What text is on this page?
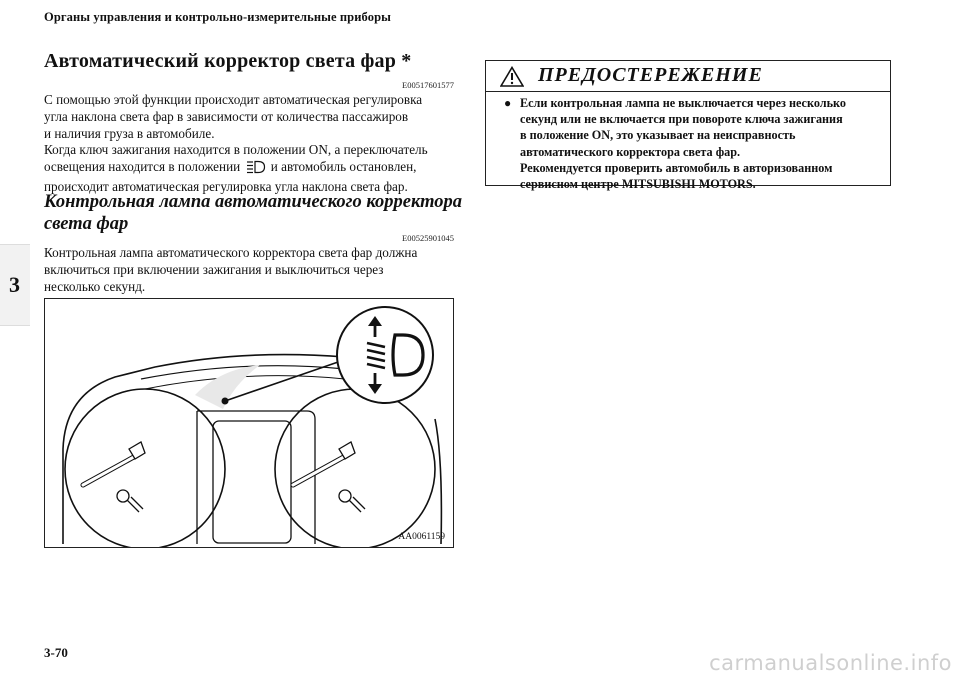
Органы управления и контрольно-измерительные приборы
3
Автоматический корректор света фар *
E00517601577
С помощью этой функции происходит автоматическая регулировка
угла наклона света фар в зависимости от количества пассажиров
и наличия груза в автомобиле.
Когда ключ зажигания находится в положении ON, а переключатель
освещения находится в положении и автомобиль остановлен,
происходит автоматическая регулировка угла наклона света фар.
Контрольная лампа автоматического корректора
света фар
E00525901045
Контрольная лампа автоматического корректора света фар должна
включиться при включении зажигания и выключиться через
несколько секунд.
AA0061159
ПРЕДОСТЕРЕЖЕНИЕ
● Если контрольная лампа не выключается через несколько
секунд или не включается при повороте ключа зажигания
в положение ON, это указывает на неисправность
автоматического корректора света фар.
Рекомендуется проверить автомобиль в авторизованном
сервисном центре MITSUBISHI MOTORS.
3-70	carmanualsonline.info
